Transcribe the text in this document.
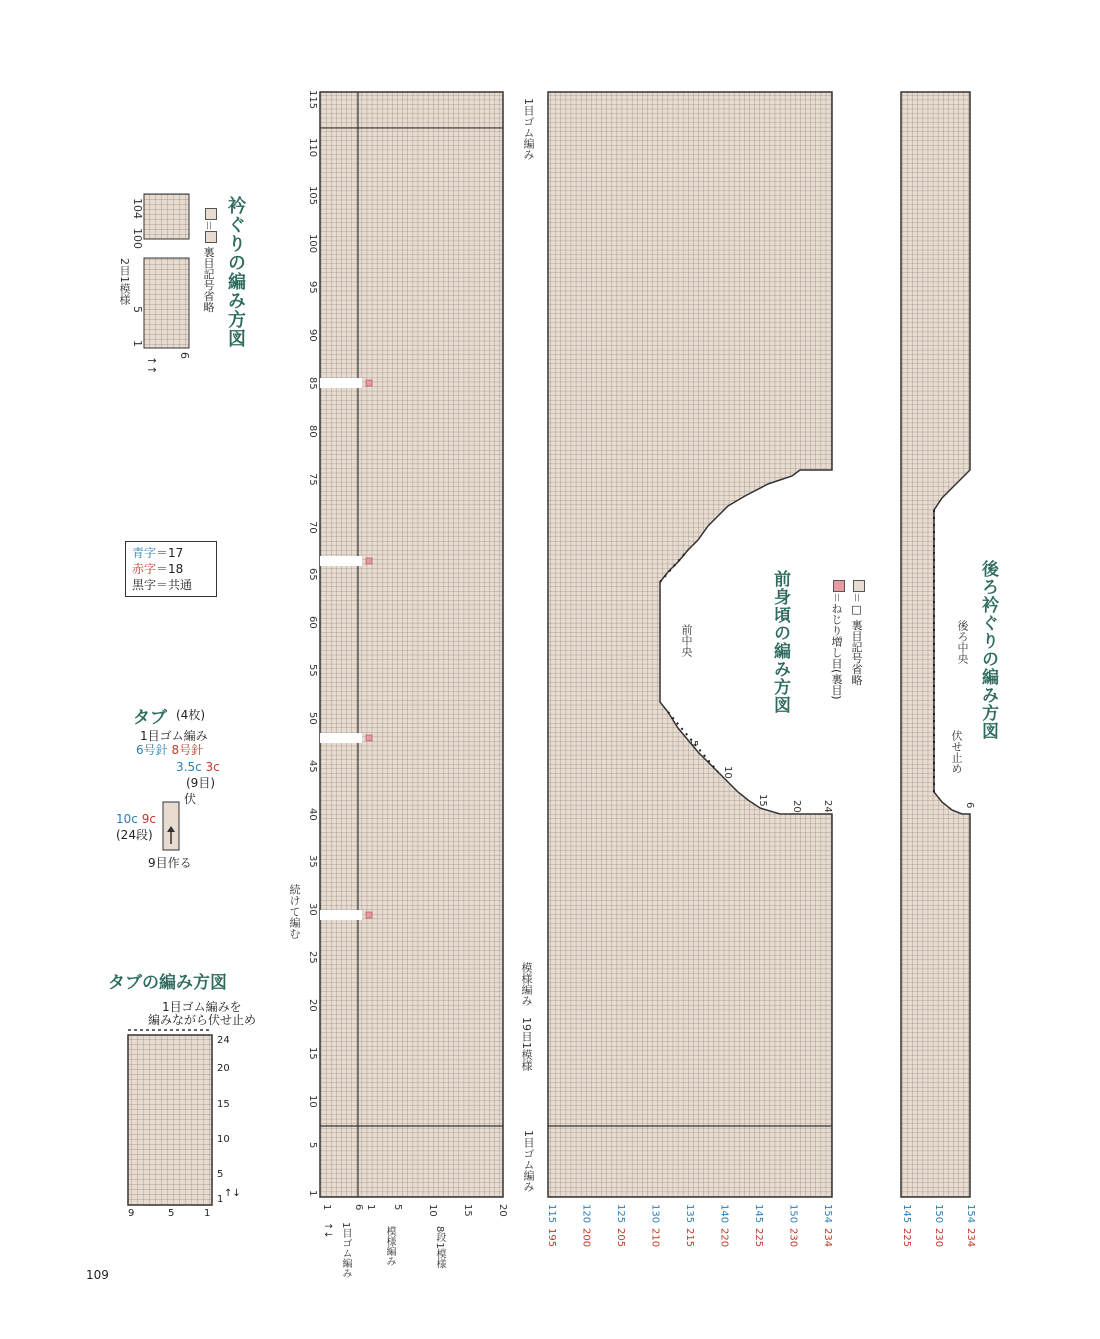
衿ぐりの編み方図
＝ 裏目記号省略
104
100
5
1
6
↑↑
2目1模様
青字＝17
赤字＝18
黒字＝共通
タブ (4枚)
1目ゴム編み
6号針 8号針
3.5c 3c
(9目)
伏
10c 9c
(24段)
9目作る
タブの編み方図
1目ゴム編みを
編みながら伏せ止め
24
20
15
10
5
1
9	5	1
↑↓
115
110
105
100
95
90
85
80
75
70
65
60
55
50
45
40
35
30
25
20
15
10
5
1
1目ゴム編み
1目ゴム編み
模様編み　19目1模様
続けて編む
前中央	前身頃の編み方図	＝□ 裏目記号省略
＝ねじり増し目(裏目)
1 6 1 5 10 15 20
↑↓ 1目ゴム編み	模様編み	8段1模様
5
10
15 20 24
115
195
120
200
125
205
130
210
135
215
140
220
145
225
150
230
154
234
後ろ衿ぐりの編み方図
後ろ中央
伏せ止め
6
145
225
150
230
154
234
109
